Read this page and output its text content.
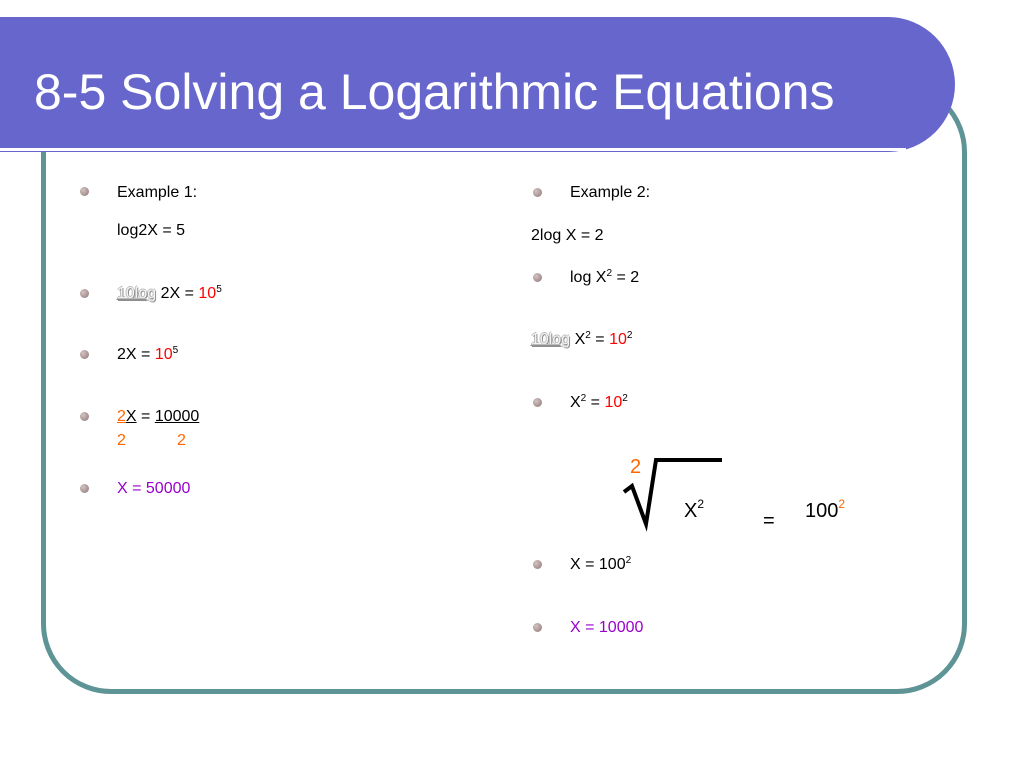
8-5 Solving a Logarithmic Equations
Example 1:
log2X = 5
10log $2X = 10^5$
$2X = 10^5$
2X = 10000
2	2
X = 50000
Example 2:
2log X = 2
$\log X^2 = 2$
10log $X^2 = 10^2$
$X^2 = 10^2$
2
$X^2$
= $100^2$
$X = 100^2$
X = 10000
